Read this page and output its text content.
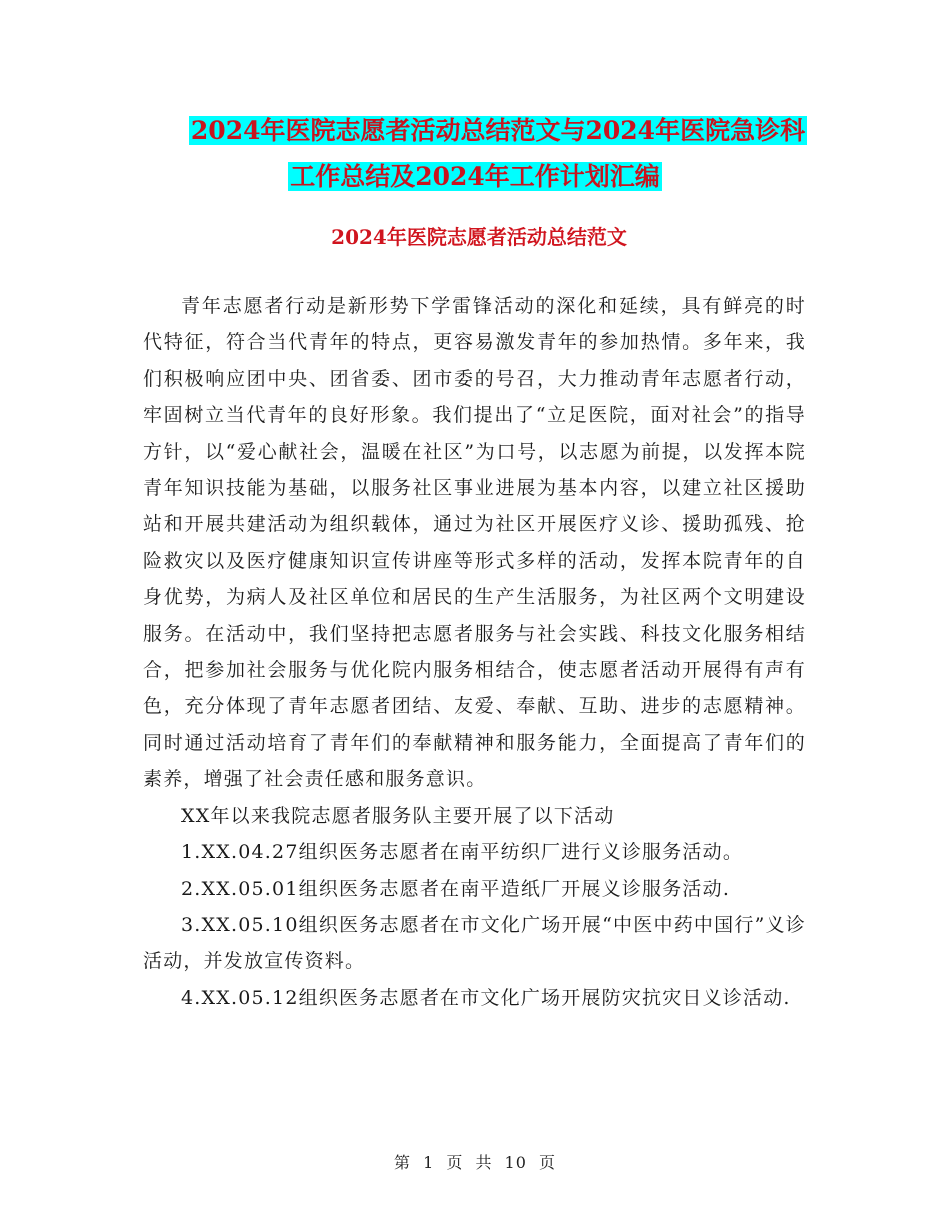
2024年医院志愿者活动总结范文与2024年医院急诊科
工作总结及2024年工作计划汇编
2024年医院志愿者活动总结范文

青年志愿者行动是新形势下学雷锋活动的深化和延续，具有鲜亮的时代特征，符合当代青年的特点，更容易激发青年的参加热情。多年来，我们积极响应团中央、团省委、团市委的号召，大力推动青年志愿者行动，牢固树立当代青年的良好形象。我们提出了“立足医院，面对社会”的指导方针，以“爱心献社会，温暖在社区”为口号，以志愿为前提，以发挥本院青年知识技能为基础，以服务社区事业进展为基本内容，以建立社区援助站和开展共建活动为组织载体，通过为社区开展医疗义诊、援助孤残、抢险救灾以及医疗健康知识宣传讲座等形式多样的活动，发挥本院青年的自身优势，为病人及社区单位和居民的生产生活服务，为社区两个文明建设服务。在活动中，我们坚持把志愿者服务与社会实践、科技文化服务相结合，把参加社会服务与优化院内服务相结合，使志愿者活动开展得有声有色，充分体现了青年志愿者团结、友爱、奉献、互助、进步的志愿精神。同时通过活动培育了青年们的奉献精神和服务能力，全面提高了青年们的素养，增强了社会责任感和服务意识。

XX年以来我院志愿者服务队主要开展了以下活动

1.XX.04.27组织医务志愿者在南平纺织厂进行义诊服务活动。

2.XX.05.01组织医务志愿者在南平造纸厂开展义诊服务活动.

3.XX.05.10组织医务志愿者在市文化广场开展“中医中药中国行”义诊活动，并发放宣传资料。

4.XX.05.12组织医务志愿者在市文化广场开展防灾抗灾日义诊活动.

第 1 页 共 10 页
